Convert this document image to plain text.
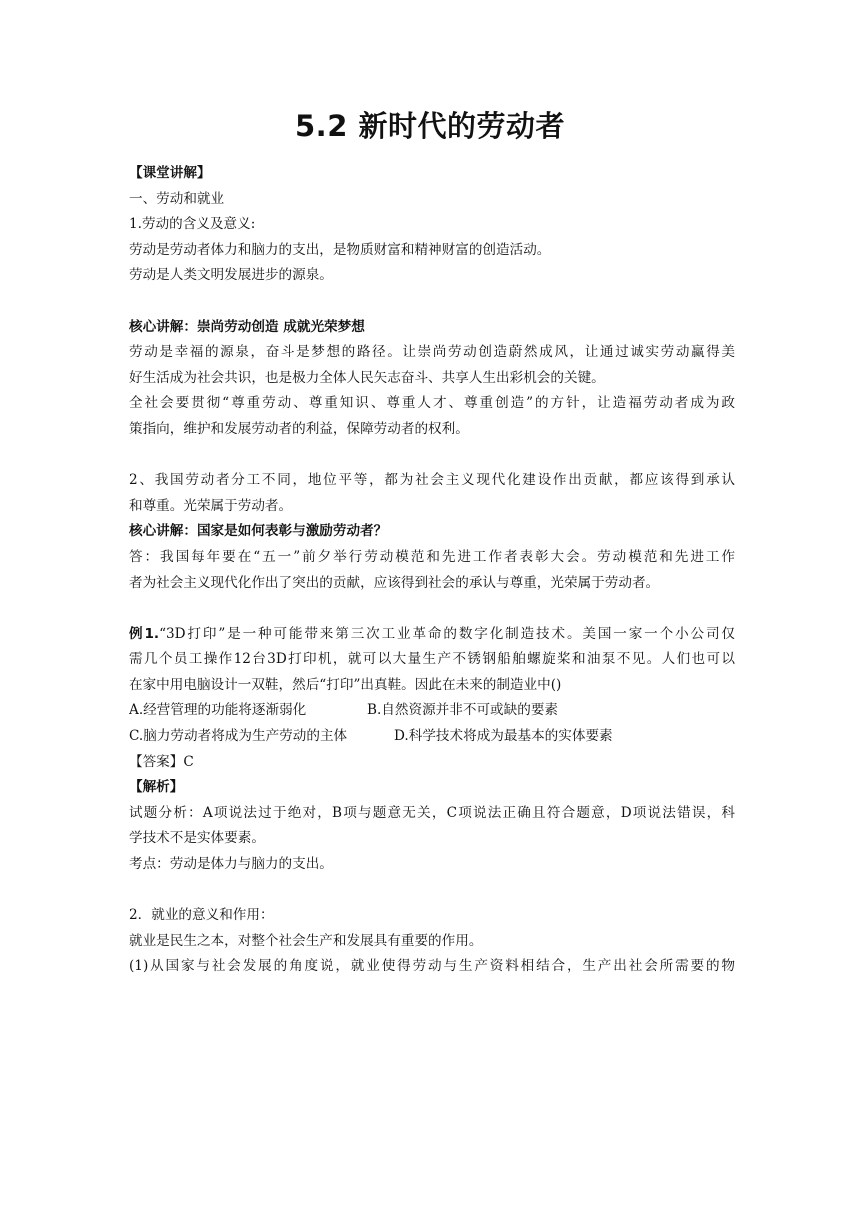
5.2 新时代的劳动者
【课堂讲解】
一、劳动和就业
1.劳动的含义及意义:
劳动是劳动者体力和脑力的支出，是物质财富和精神财富的创造活动。
劳动是人类文明发展进步的源泉。
核心讲解：崇尚劳动创造 成就光荣梦想
劳动是幸福的源泉，奋斗是梦想的路径。让崇尚劳动创造蔚然成风，让通过诚实劳动赢得美
好生活成为社会共识，也是极力全体人民矢志奋斗、共享人生出彩机会的关键。
全社会要贯彻“尊重劳动、尊重知识、尊重人才、尊重创造”的方针，让造福劳动者成为政
策指向，维护和发展劳动者的利益，保障劳动者的权利。
2、我国劳动者分工不同，地位平等，都为社会主义现代化建设作出贡献，都应该得到承认
和尊重。光荣属于劳动者。
核心讲解：国家是如何表彰与激励劳动者？
答：我国每年要在“五一”前夕举行劳动模范和先进工作者表彰大会。劳动模范和先进工作
者为社会主义现代化作出了突出的贡献，应该得到社会的承认与尊重，光荣属于劳动者。
例1.“3D打印”是一种可能带来第三次工业革命的数字化制造技术。美国一家一个小公司仅
需几个员工操作12台3D打印机，就可以大量生产不锈钢船舶螺旋桨和油泵不见。人们也可以
在家中用电脑设计一双鞋，然后“打印”出真鞋。因此在未来的制造业中()
A.经营管理的功能将逐渐弱化	B.自然资源并非不可或缺的要素
C.脑力劳动者将成为生产劳动的主体	D.科学技术将成为最基本的实体要素
【答案】C
【解析】
试题分析：A项说法过于绝对，B项与题意无关，C项说法正确且符合题意，D项说法错误，科
学技术不是实体要素。
考点：劳动是体力与脑力的支出。
2．就业的意义和作用：
就业是民生之本，对整个社会生产和发展具有重要的作用。
(1)从国家与社会发展的角度说，就业使得劳动与生产资料相结合，生产出社会所需要的物
